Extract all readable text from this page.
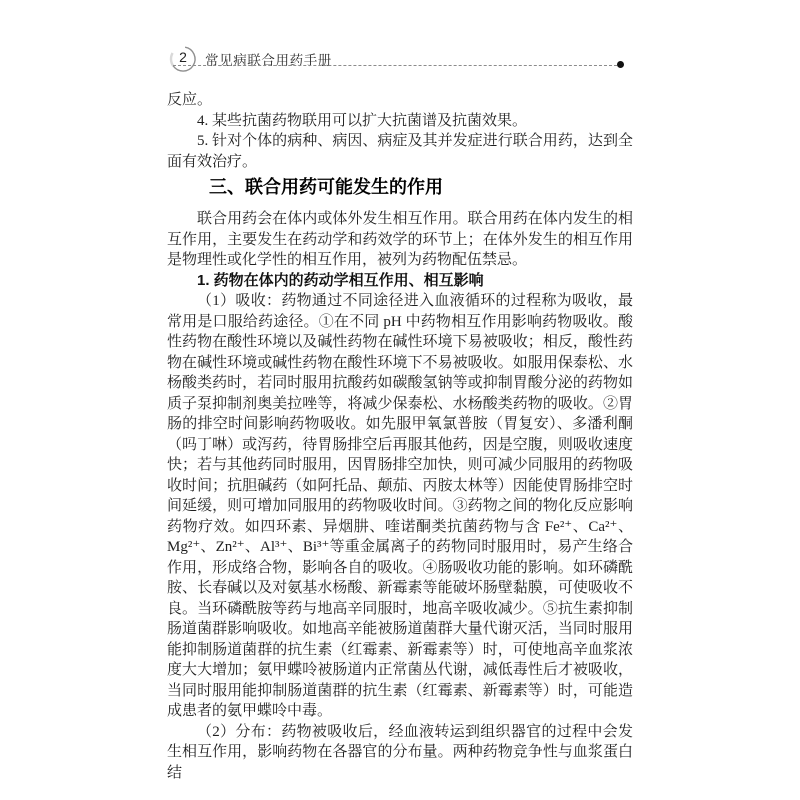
2	常见病联合用药手册

反应。

4. 某些抗菌药物联用可以扩大抗菌谱及抗菌效果。

5. 针对个体的病种、病因、病症及其并发症进行联合用药，达到全面有效治疗。

三、联合用药可能发生的作用

联合用药会在体内或体外发生相互作用。联合用药在体内发生的相互作用，主要发生在药动学和药效学的环节上；在体外发生的相互作用是物理性或化学性的相互作用，被列为药物配伍禁忌。

1. 药物在体内的药动学相互作用、相互影响

（1）吸收：药物通过不同途径进入血液循环的过程称为吸收，最常用是口服给药途径。①在不同 pH 中药物相互作用影响药物吸收。酸性药物在酸性环境以及碱性药物在碱性环境下易被吸收；相反，酸性药物在碱性环境或碱性药物在酸性环境下不易被吸收。如服用保泰松、水杨酸类药时，若同时服用抗酸药如碳酸氢钠等或抑制胃酸分泌的药物如质子泵抑制剂奥美拉唑等，将减少保泰松、水杨酸类药物的吸收。②胃肠的排空时间影响药物吸收。如先服甲氧氯普胺（胃复安）、多潘利酮（吗丁啉）或泻药，待胃肠排空后再服其他药，因是空腹，则吸收速度快；若与其他药同时服用，因胃肠排空加快，则可减少同服用的药物吸收时间；抗胆碱药（如阿托品、颠茄、丙胺太林等）因能使胃肠排空时间延缓，则可增加同服用的药物吸收时间。③药物之间的物化反应影响药物疗效。如四环素、异烟肼、喹诺酮类抗菌药物与含 Fe²⁺、Ca²⁺、Mg²⁺、Zn²⁺、Al³⁺、Bi³⁺等重金属离子的药物同时服用时，易产生络合作用，形成络合物，影响各自的吸收。④肠吸收功能的影响。如环磷酰胺、长春碱以及对氨基水杨酸、新霉素等能破坏肠壁黏膜，可使吸收不良。当环磷酰胺等药与地高辛同服时，地高辛吸收减少。⑤抗生素抑制肠道菌群影响吸收。如地高辛能被肠道菌群大量代谢灭活，当同时服用能抑制肠道菌群的抗生素（红霉素、新霉素等）时，可使地高辛血浆浓度大大增加；氨甲蝶呤被肠道内正常菌丛代谢，减低毒性后才被吸收，当同时服用能抑制肠道菌群的抗生素（红霉素、新霉素等）时，可能造成患者的氨甲蝶呤中毒。

（2）分布：药物被吸收后，经血液转运到组织器官的过程中会发生相互作用，影响药物在各器官的分布量。两种药物竞争性与血浆蛋白结
